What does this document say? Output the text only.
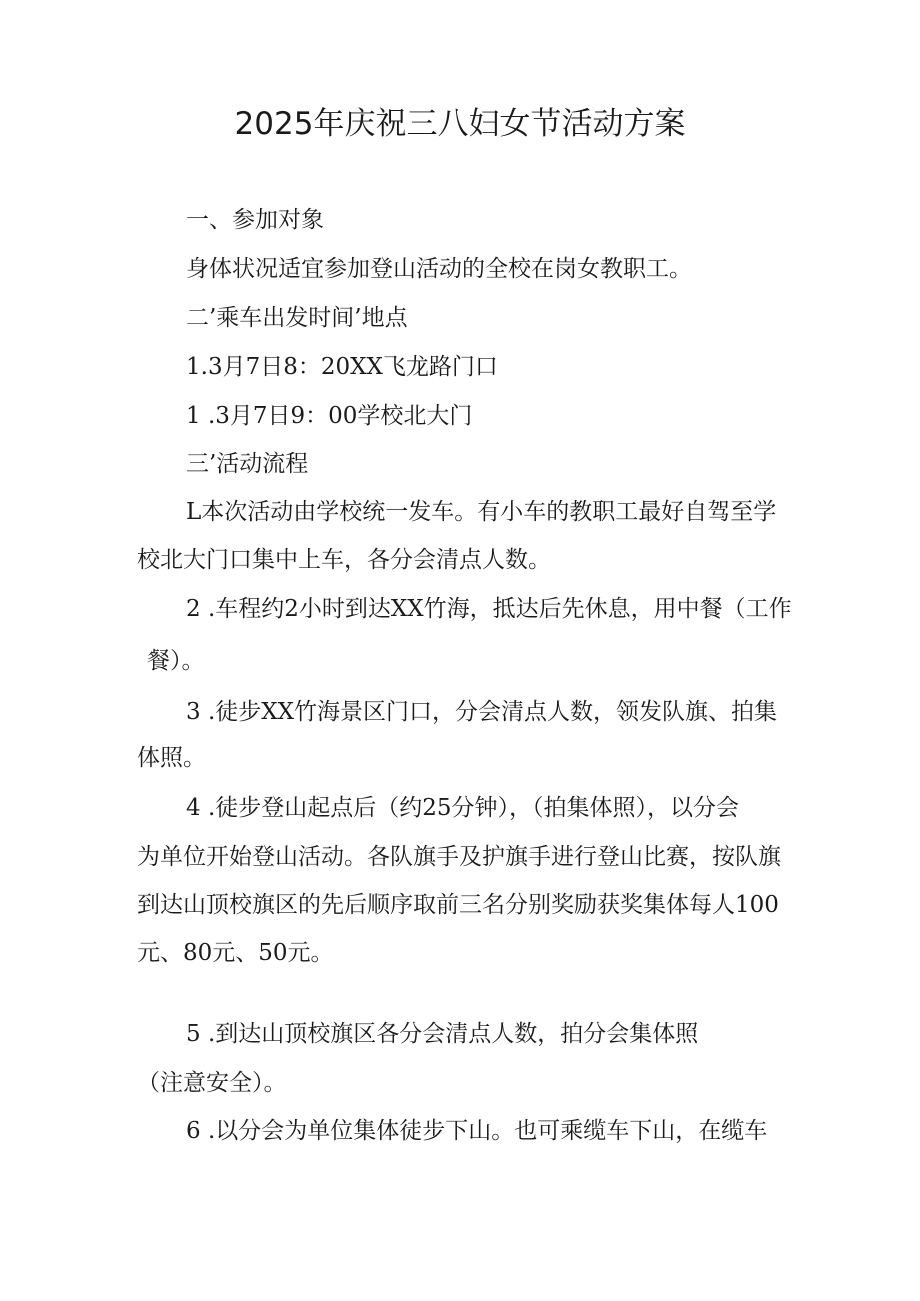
2025年庆祝三八妇女节活动方案
一、参加对象
身体状况适宜参加登山活动的全校在岗女教职工。
二’乘车出发时间’地点
1.3月7日8：20XX飞龙路门口
1 .3月7日9：00学校北大门
三’活动流程
L本次活动由学校统一发车。有小车的教职工最好自驾至学
校北大门口集中上车，各分会清点人数。
2 .车程约2小时到达XX竹海，抵达后先休息，用中餐（工作
餐）。
3 .徒步XX竹海景区门口，分会清点人数，领发队旗、拍集
体照。
4 .徒步登山起点后（约25分钟），（拍集体照），以分会
为单位开始登山活动。各队旗手及护旗手进行登山比赛，按队旗
到达山顶校旗区的先后顺序取前三名分别奖励获奖集体每人100
元、80元、50元。
5 .到达山顶校旗区各分会清点人数，拍分会集体照
（注意安全）。
6 .以分会为单位集体徒步下山。也可乘缆车下山，在缆车
